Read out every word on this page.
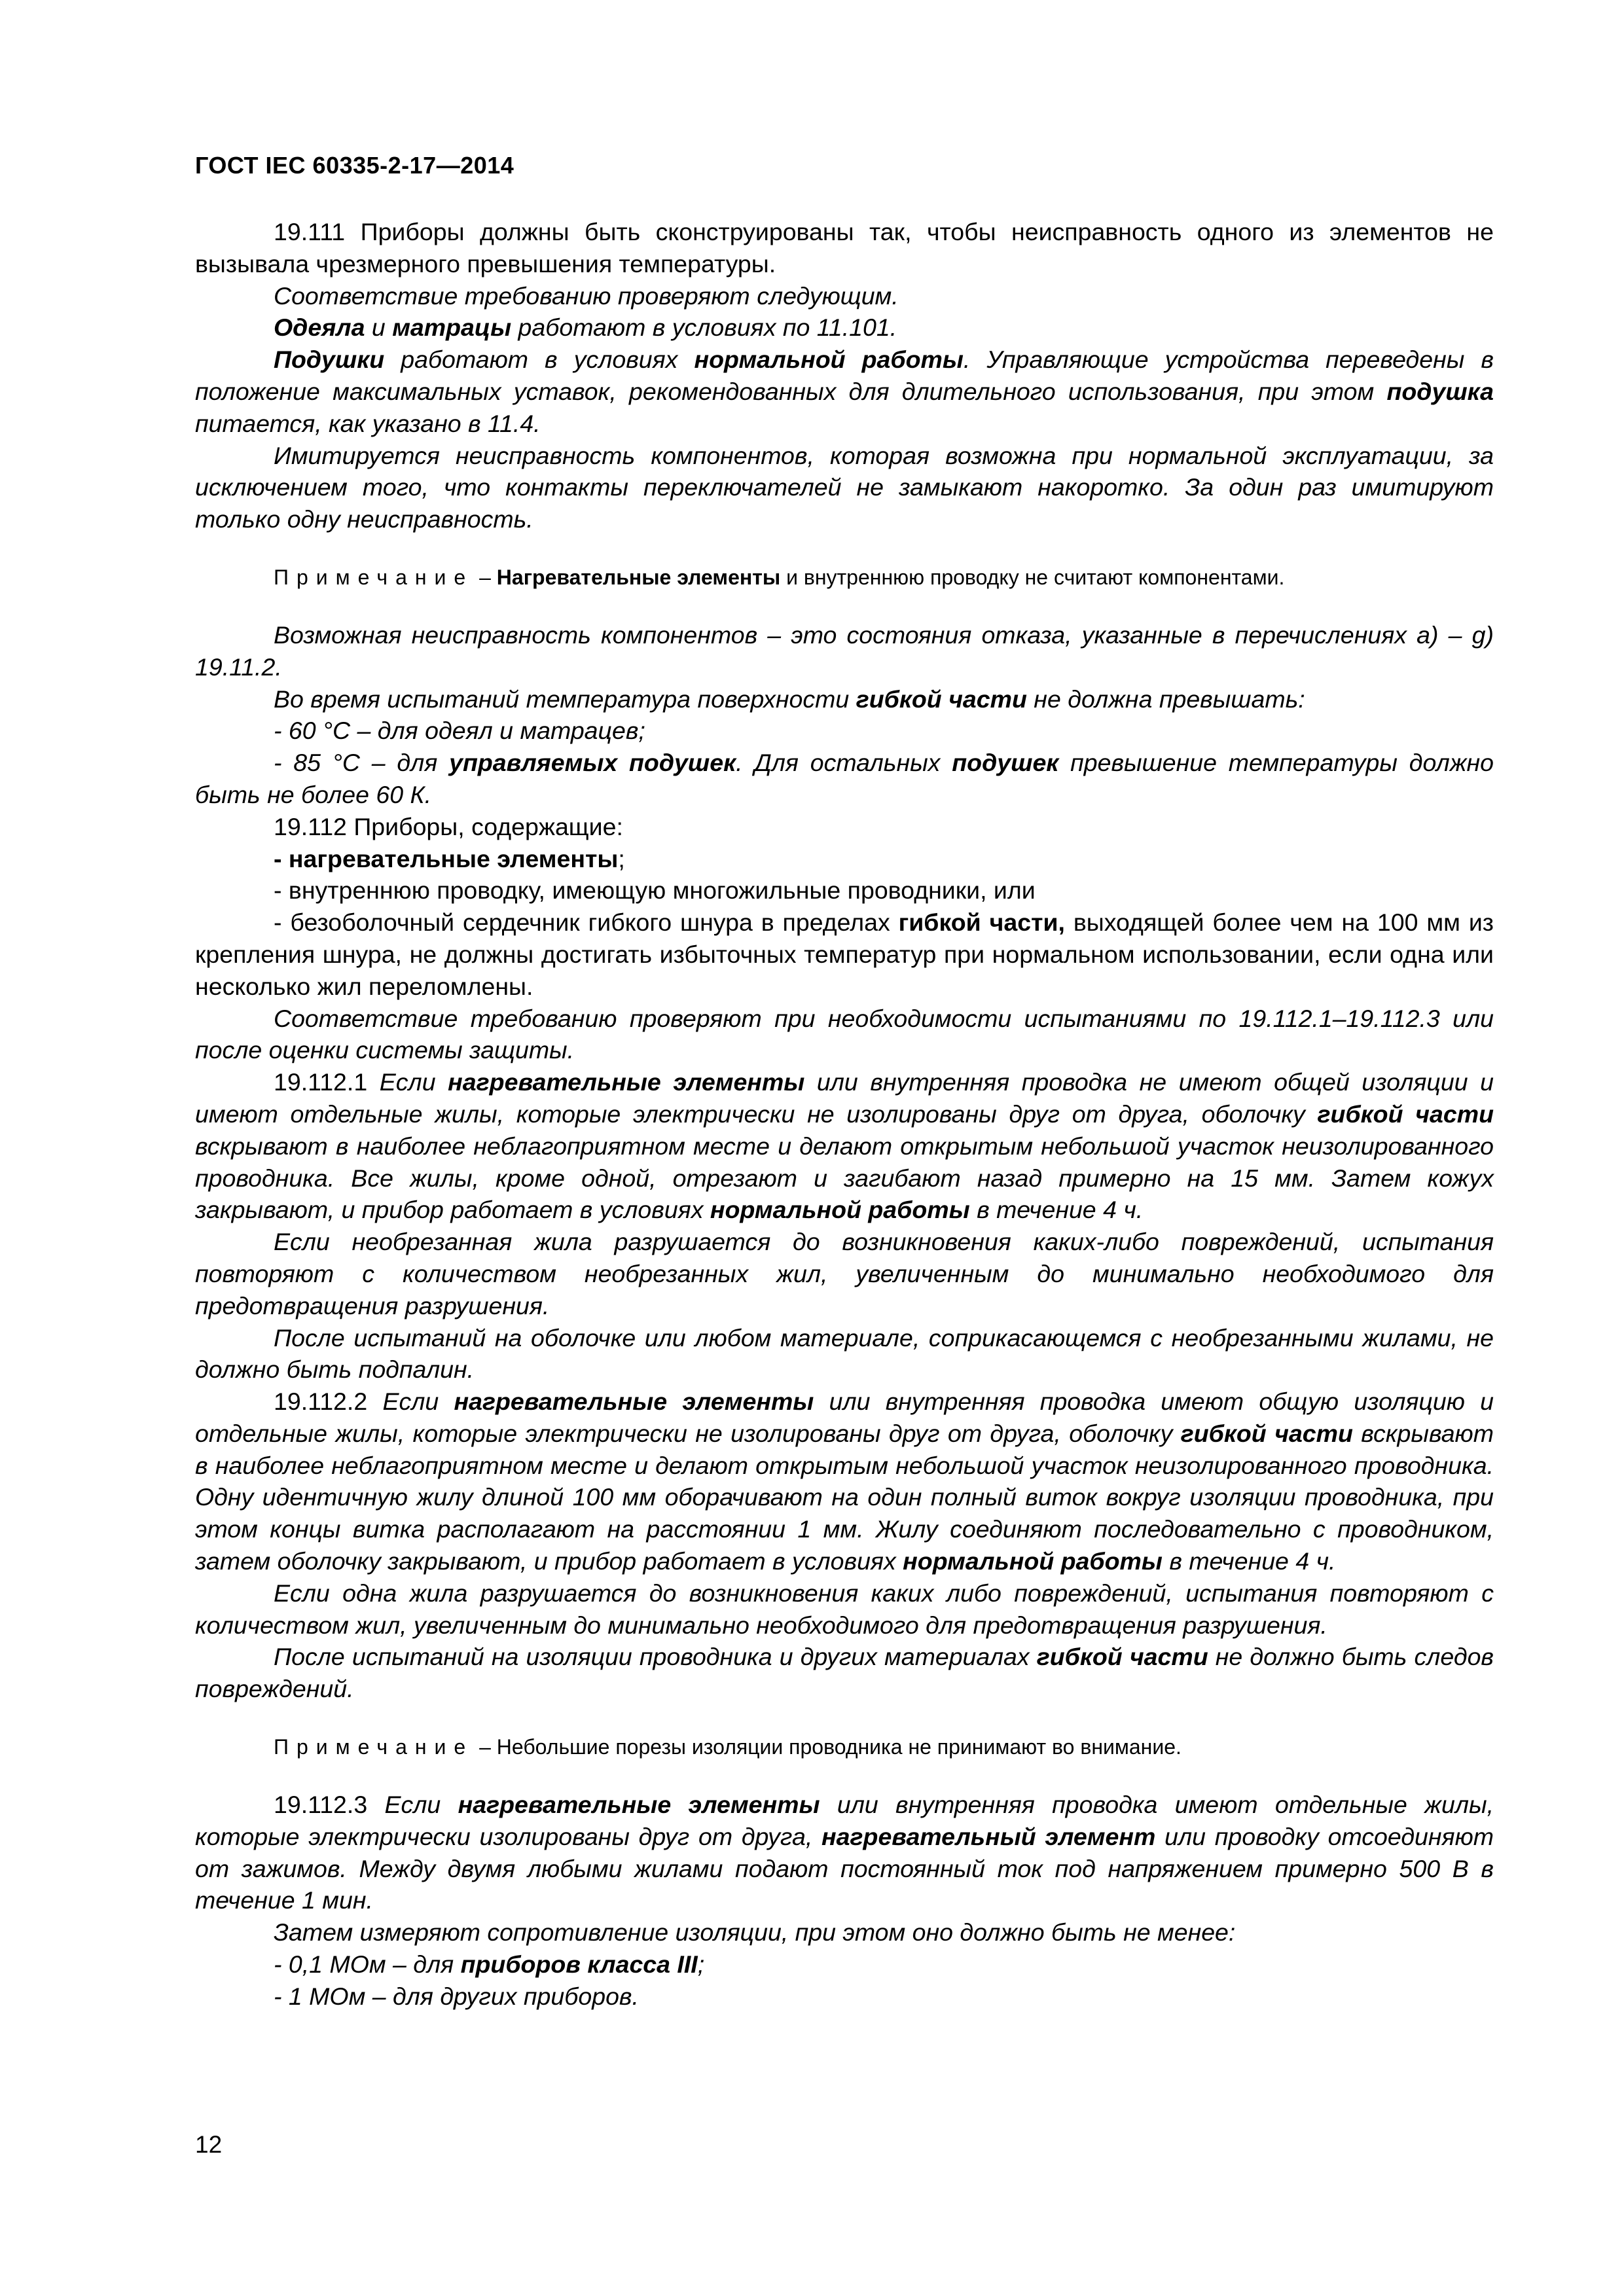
ГОСТ IEC 60335-2-17—2014

19.111 Приборы должны быть сконструированы так, чтобы неисправность одного из элементов не вызывала чрезмерного превышения температуры.

Соответствие требованию проверяют следующим.

Одеяла и матрацы работают в условиях по 11.101.

Подушки работают в условиях нормальной работы. Управляющие устройства переведены в положение максимальных уставок, рекомендованных для длительного использования, при этом подушка питается, как указано в 11.4.

Имитируется неисправность компонентов, которая возможна при нормальной эксплуатации, за исключением того, что контакты переключателей не замыкают накоротко. За один раз имитируют только одну неисправность.

Примечание – Нагревательные элементы и внутреннюю проводку не считают компонентами.

Возможная неисправность компонентов – это состояния отказа, указанные в перечислениях a) – g) 19.11.2.

Во время испытаний температура поверхности гибкой части не должна превышать:

- 60 °С – для одеял и матрацев;

- 85 °С – для управляемых подушек. Для остальных подушек превышение температуры должно быть не более 60 К.

19.112 Приборы, содержащие:

- нагревательные элементы;

- внутреннюю проводку, имеющую многожильные проводники, или

- безоболочный сердечник гибкого шнура в пределах гибкой части, выходящей более чем на 100 мм из крепления шнура, не должны достигать избыточных температур при нормальном использовании, если одна или несколько жил переломлены.

Соответствие требованию проверяют при необходимости испытаниями по 19.112.1–19.112.3 или после оценки системы защиты.

19.112.1 Если нагревательные элементы или внутренняя проводка не имеют общей изоляции и имеют отдельные жилы, которые электрически не изолированы друг от друга, оболочку гибкой части вскрывают в наиболее неблагоприятном месте и делают открытым небольшой участок неизолированного проводника. Все жилы, кроме одной, отрезают и загибают назад примерно на 15 мм. Затем кожух закрывают, и прибор работает в условиях нормальной работы в течение 4 ч.

Если необрезанная жила разрушается до возникновения каких-либо повреждений, испытания повторяют с количеством необрезанных жил, увеличенным до минимально необходимого для предотвращения разрушения.

После испытаний на оболочке или любом материале, соприкасающемся с необрезанными жилами, не должно быть подпалин.

19.112.2 Если нагревательные элементы или внутренняя проводка имеют общую изоляцию и отдельные жилы, которые электрически не изолированы друг от друга, оболочку гибкой части вскрывают в наиболее неблагоприятном месте и делают открытым небольшой участок неизолированного проводника. Одну идентичную жилу длиной 100 мм оборачивают на один полный виток вокруг изоляции проводника, при этом концы витка располагают на расстоянии 1 мм. Жилу соединяют последовательно с проводником, затем оболочку закрывают, и прибор работает в условиях нормальной работы в течение 4 ч.

Если одна жила разрушается до возникновения каких либо повреждений, испытания повторяют с количеством жил, увеличенным до минимально необходимого для предотвращения разрушения.

После испытаний на изоляции проводника и других материалах гибкой части не должно быть следов повреждений.

Примечание – Небольшие порезы изоляции проводника не принимают во внимание.

19.112.3 Если нагревательные элементы или внутренняя проводка имеют отдельные жилы, которые электрически изолированы друг от друга, нагревательный элемент или проводку отсоединяют от зажимов. Между двумя любыми жилами подают постоянный ток под напряжением примерно 500 В в течение 1 мин.

Затем измеряют сопротивление изоляции, при этом оно должно быть не менее:

- 0,1 МОм – для приборов класса III;

- 1 МОм – для других приборов.

12
